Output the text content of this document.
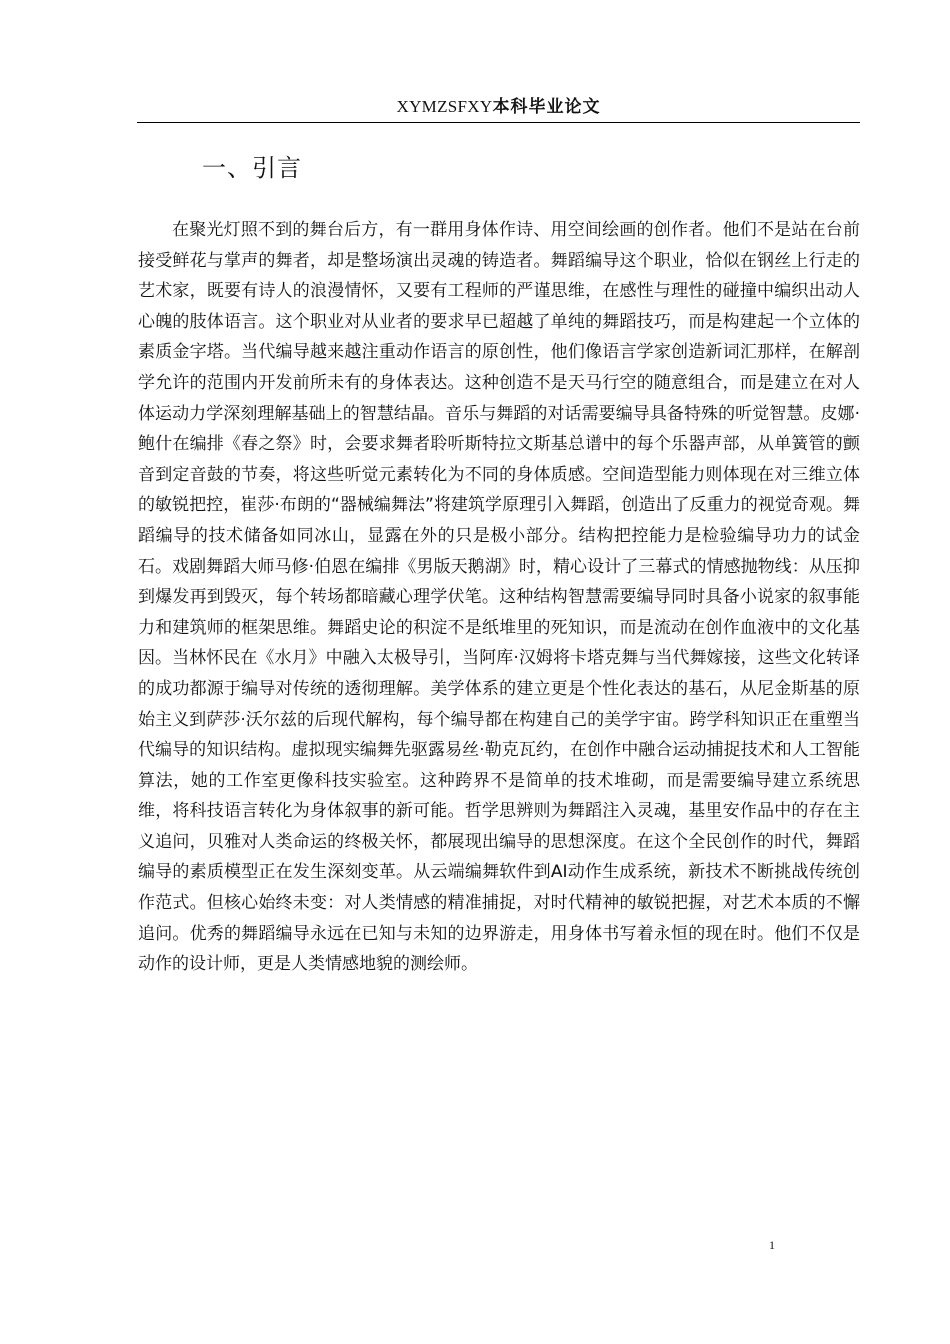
XYMZSFXY本科毕业论文
一、引言

在聚光灯照不到的舞台后方，有一群用身体作诗、用空间绘画的创作者。他们不是站在台前接受鲜花与掌声的舞者，却是整场演出灵魂的铸造者。舞蹈编导这个职业，恰似在钢丝上行走的艺术家，既要有诗人的浪漫情怀，又要有工程师的严谨思维，在感性与理性的碰撞中编织出动人心魄的肢体语言。这个职业对从业者的要求早已超越了单纯的舞蹈技巧，而是构建起一个立体的素质金字塔。当代编导越来越注重动作语言的原创性，他们像语言学家创造新词汇那样，在解剖学允许的范围内开发前所未有的身体表达。这种创造不是天马行空的随意组合，而是建立在对人体运动力学深刻理解基础上的智慧结晶。音乐与舞蹈的对话需要编导具备特殊的听觉智慧。皮娜·鲍什在编排《春之祭》时，会要求舞者聆听斯特拉文斯基总谱中的每个乐器声部，从单簧管的颤音到定音鼓的节奏，将这些听觉元素转化为不同的身体质感。空间造型能力则体现在对三维立体的敏锐把控，崔莎·布朗的“器械编舞法”将建筑学原理引入舞蹈，创造出了反重力的视觉奇观。舞蹈编导的技术储备如同冰山，显露在外的只是极小部分。结构把控能力是检验编导功力的试金石。戏剧舞蹈大师马修·伯恩在编排《男版天鹅湖》时，精心设计了三幕式的情感抛物线：从压抑到爆发再到毁灭，每个转场都暗藏心理学伏笔。这种结构智慧需要编导同时具备小说家的叙事能力和建筑师的框架思维。舞蹈史论的积淀不是纸堆里的死知识，而是流动在创作血液中的文化基因。当林怀民在《水月》中融入太极导引，当阿库·汉姆将卡塔克舞与当代舞嫁接，这些文化转译的成功都源于编导对传统的透彻理解。美学体系的建立更是个性化表达的基石，从尼金斯基的原始主义到萨莎·沃尔兹的后现代解构，每个编导都在构建自己的美学宇宙。跨学科知识正在重塑当代编导的知识结构。虚拟现实编舞先驱露易丝·勒克瓦约，在创作中融合运动捕捉技术和人工智能算法，她的工作室更像科技实验室。这种跨界不是简单的技术堆砌，而是需要编导建立系统思维，将科技语言转化为身体叙事的新可能。哲学思辨则为舞蹈注入灵魂，基里安作品中的存在主义追问，贝雅对人类命运的终极关怀，都展现出编导的思想深度。在这个全民创作的时代，舞蹈编导的素质模型正在发生深刻变革。从云端编舞软件到AI动作生成系统，新技术不断挑战传统创作范式。但核心始终未变：对人类情感的精准捕捉，对时代精神的敏锐把握，对艺术本质的不懈追问。优秀的舞蹈编导永远在已知与未知的边界游走，用身体书写着永恒的现在时。他们不仅是动作的设计师，更是人类情感地貌的测绘师。

1
